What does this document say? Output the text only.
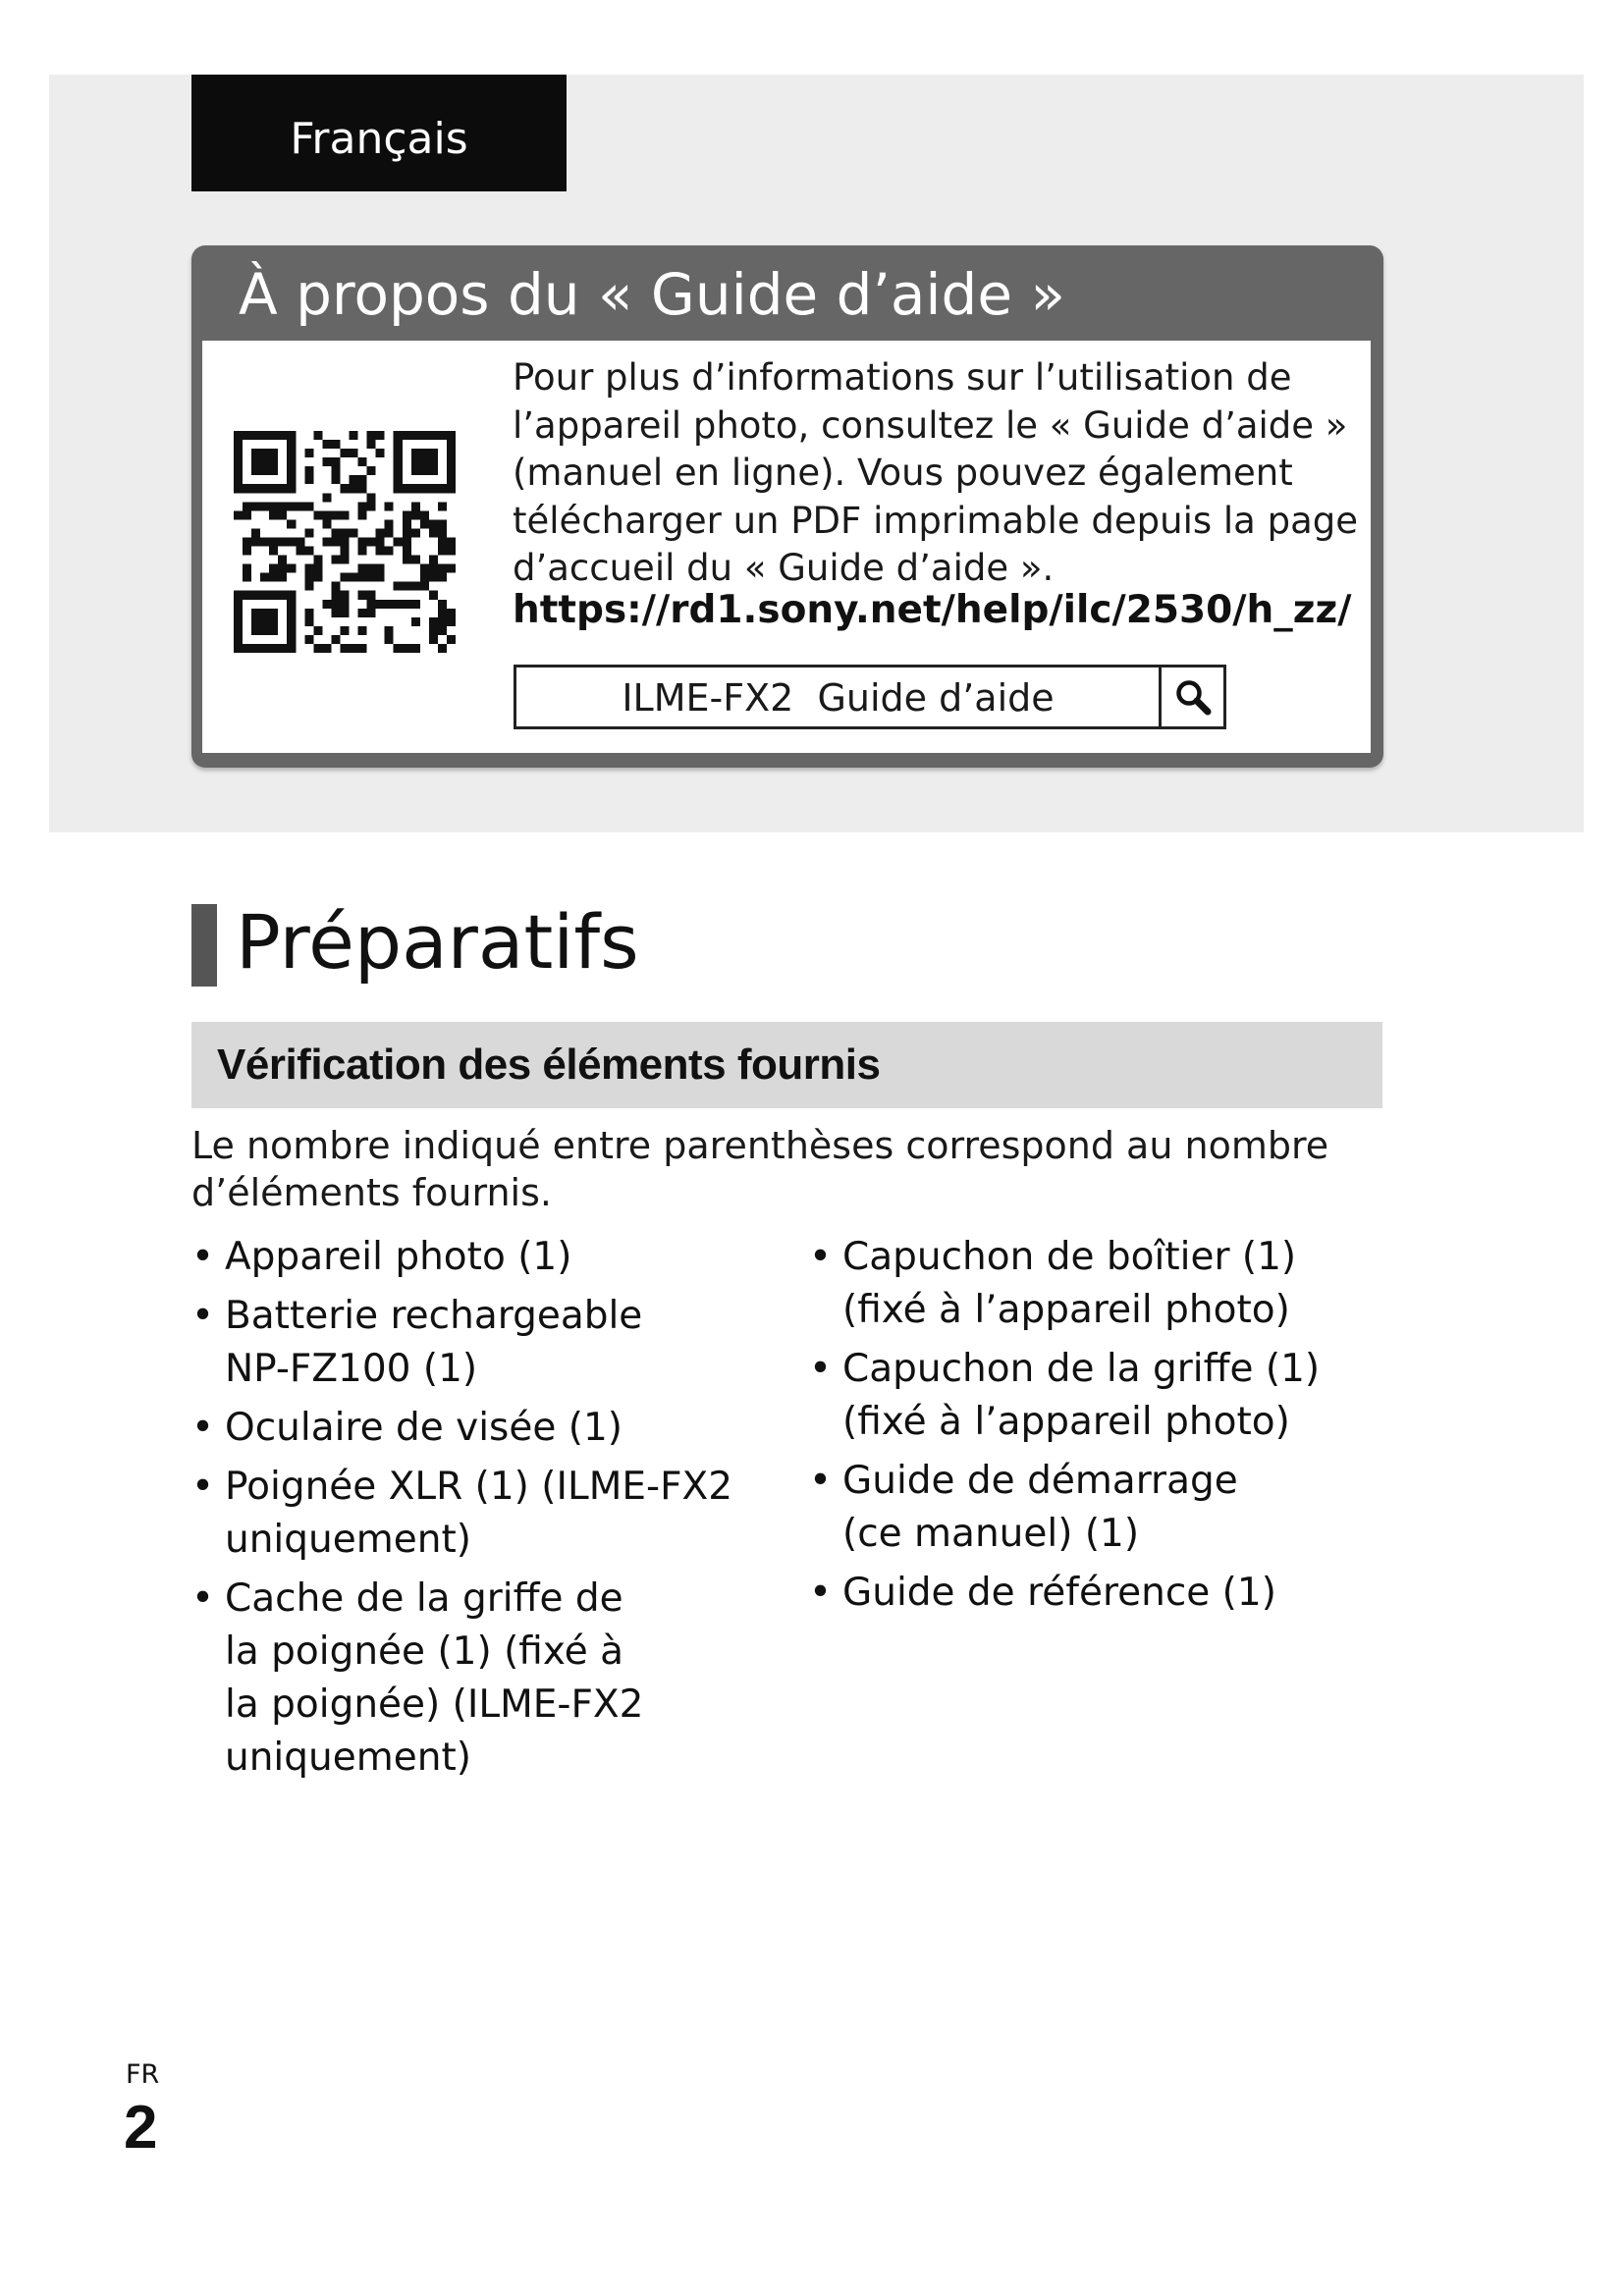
Français
À propos du « Guide d’aide »
Pour plus d’informations sur l’utilisation de
l’appareil photo, consultez le « Guide d’aide »
(manuel en ligne). Vous pouvez également
télécharger un PDF imprimable depuis la page
d’accueil du « Guide d’aide ».
https://rd1.sony.net/help/ilc/2530/h_zz/
ILME-FX2  Guide d’aide
Préparatifs
Vérification des éléments fournis
Le nombre indiqué entre parenthèses correspond au nombre d’éléments fournis.
• Appareil photo (1)
• Batterie rechargeable
NP-FZ100 (1)
• Oculaire de visée (1)
• Poignée XLR (1) (ILME-FX2
uniquement)
• Cache de la griffe de
la poignée (1) (fixé à
la poignée) (ILME-FX2
uniquement)
• Capuchon de boîtier (1)
(fixé à l’appareil photo)
• Capuchon de la griffe (1)
(fixé à l’appareil photo)
• Guide de démarrage
(ce manuel) (1)
• Guide de référence (1)
FR
2
